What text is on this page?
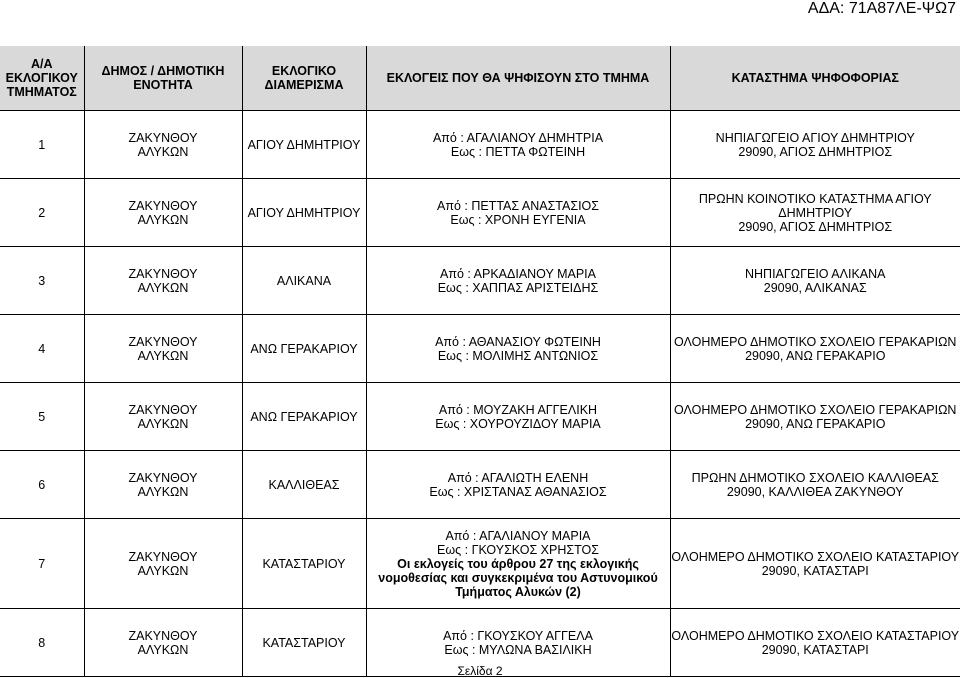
ΑΔΑ: 71Α87ΛΕ-ΨΩ7
Α/Α
ΕΚΛΟΓΙΚΟΥ
ΤΜΗΜΑΤΟΣ	ΔΗΜΟΣ / ΔΗΜΟΤΙΚΗ
ΕΝΟΤΗΤΑ	ΕΚΛΟΓΙΚΟ
ΔΙΑΜΕΡΙΣΜΑ	ΕΚΛΟΓΕΙΣ ΠΟΥ ΘΑ ΨΗΦΙΣΟΥΝ ΣΤΟ ΤΜΗΜΑ	ΚΑΤΑΣΤΗΜΑ ΨΗΦΟΦΟΡΙΑΣ

1	ΖΑΚΥΝΘΟΥ
ΑΛΥΚΩΝ	ΑΓΙΟΥ ΔΗΜΗΤΡΙΟΥ	Από : ΑΓΑΛΙΑΝΟΥ ΔΗΜΗΤΡΙΑ
Εως : ΠΕΤΤΑ ΦΩΤΕΙΝΗ	ΝΗΠΙΑΓΩΓΕΙΟ ΑΓΙΟΥ ΔΗΜΗΤΡΙΟΥ
29090, ΑΓΙΟΣ ΔΗΜΗΤΡΙΟΣ

2	ΖΑΚΥΝΘΟΥ
ΑΛΥΚΩΝ	ΑΓΙΟΥ ΔΗΜΗΤΡΙΟΥ	Από : ΠΕΤΤΑΣ ΑΝΑΣΤΑΣΙΟΣ
Εως : ΧΡΟΝΗ ΕΥΓΕΝΙΑ	ΠΡΩΗΝ ΚΟΙΝΟΤΙΚΟ ΚΑΤΑΣΤΗΜΑ ΑΓΙΟΥ ΔΗΜΗΤΡΙΟΥ
29090, ΑΓΙΟΣ ΔΗΜΗΤΡΙΟΣ

3	ΖΑΚΥΝΘΟΥ
ΑΛΥΚΩΝ	ΑΛΙΚΑΝΑ	Από : ΑΡΚΑΔΙΑΝΟΥ ΜΑΡΙΑ
Εως : ΧΑΠΠΑΣ ΑΡΙΣΤΕΙΔΗΣ	ΝΗΠΙΑΓΩΓΕΙΟ ΑΛΙΚΑΝΑ
29090, ΑΛΙΚΑΝΑΣ

4	ΖΑΚΥΝΘΟΥ
ΑΛΥΚΩΝ	ΑΝΩ ΓΕΡΑΚΑΡΙΟΥ	Από : ΑΘΑΝΑΣΙΟΥ ΦΩΤΕΙΝΗ
Εως : ΜΟΛΙΜΗΣ ΑΝΤΩΝΙΟΣ	ΟΛΟΗΜΕΡΟ ΔΗΜΟΤΙΚΟ ΣΧΟΛΕΙΟ ΓΕΡΑΚΑΡΙΩΝ
29090, ΑΝΩ ΓΕΡΑΚΑΡΙΟ

5	ΖΑΚΥΝΘΟΥ
ΑΛΥΚΩΝ	ΑΝΩ ΓΕΡΑΚΑΡΙΟΥ	Από : ΜΟΥΖΑΚΗ ΑΓΓΕΛΙΚΗ
Εως : ΧΟΥΡΟΥΖΙΔΟΥ ΜΑΡΙΑ	ΟΛΟΗΜΕΡΟ ΔΗΜΟΤΙΚΟ ΣΧΟΛΕΙΟ ΓΕΡΑΚΑΡΙΩΝ
29090, ΑΝΩ ΓΕΡΑΚΑΡΙΟ

6	ΖΑΚΥΝΘΟΥ
ΑΛΥΚΩΝ	ΚΑΛΛΙΘΕΑΣ	Από : ΑΓΑΛΙΩΤΗ ΕΛΕΝΗ
Εως : ΧΡΙΣΤΑΝΑΣ ΑΘΑΝΑΣΙΟΣ	ΠΡΩΗΝ ΔΗΜΟΤΙΚΟ ΣΧΟΛΕΙΟ ΚΑΛΛΙΘΕΑΣ
29090, ΚΑΛΛΙΘΕΑ ΖΑΚΥΝΘΟΥ

7	ΖΑΚΥΝΘΟΥ
ΑΛΥΚΩΝ	ΚΑΤΑΣΤΑΡΙΟΥ	Από : ΑΓΑΛΙΑΝΟΥ ΜΑΡΙΑ
Εως : ΓΚΟΥΣΚΟΣ ΧΡΗΣΤΟΣ
Οι εκλογείς του άρθρου 27 της εκλογικής
νομοθεσίας και συγκεκριμένα του Αστυνομικού
Τμήματος Αλυκών (2)	ΟΛΟΗΜΕΡΟ ΔΗΜΟΤΙΚΟ ΣΧΟΛΕΙΟ ΚΑΤΑΣΤΑΡΙΟΥ
29090, ΚΑΤΑΣΤΑΡΙ

8	ΖΑΚΥΝΘΟΥ
ΑΛΥΚΩΝ	ΚΑΤΑΣΤΑΡΙΟΥ	Από : ΓΚΟΥΣΚΟΥ ΑΓΓΕΛΑ
Εως : ΜΥΛΩΝΑ ΒΑΣΙΛΙΚΗ	ΟΛΟΗΜΕΡΟ ΔΗΜΟΤΙΚΟ ΣΧΟΛΕΙΟ ΚΑΤΑΣΤΑΡΙΟΥ
29090, ΚΑΤΑΣΤΑΡΙ
Σελίδα 2
